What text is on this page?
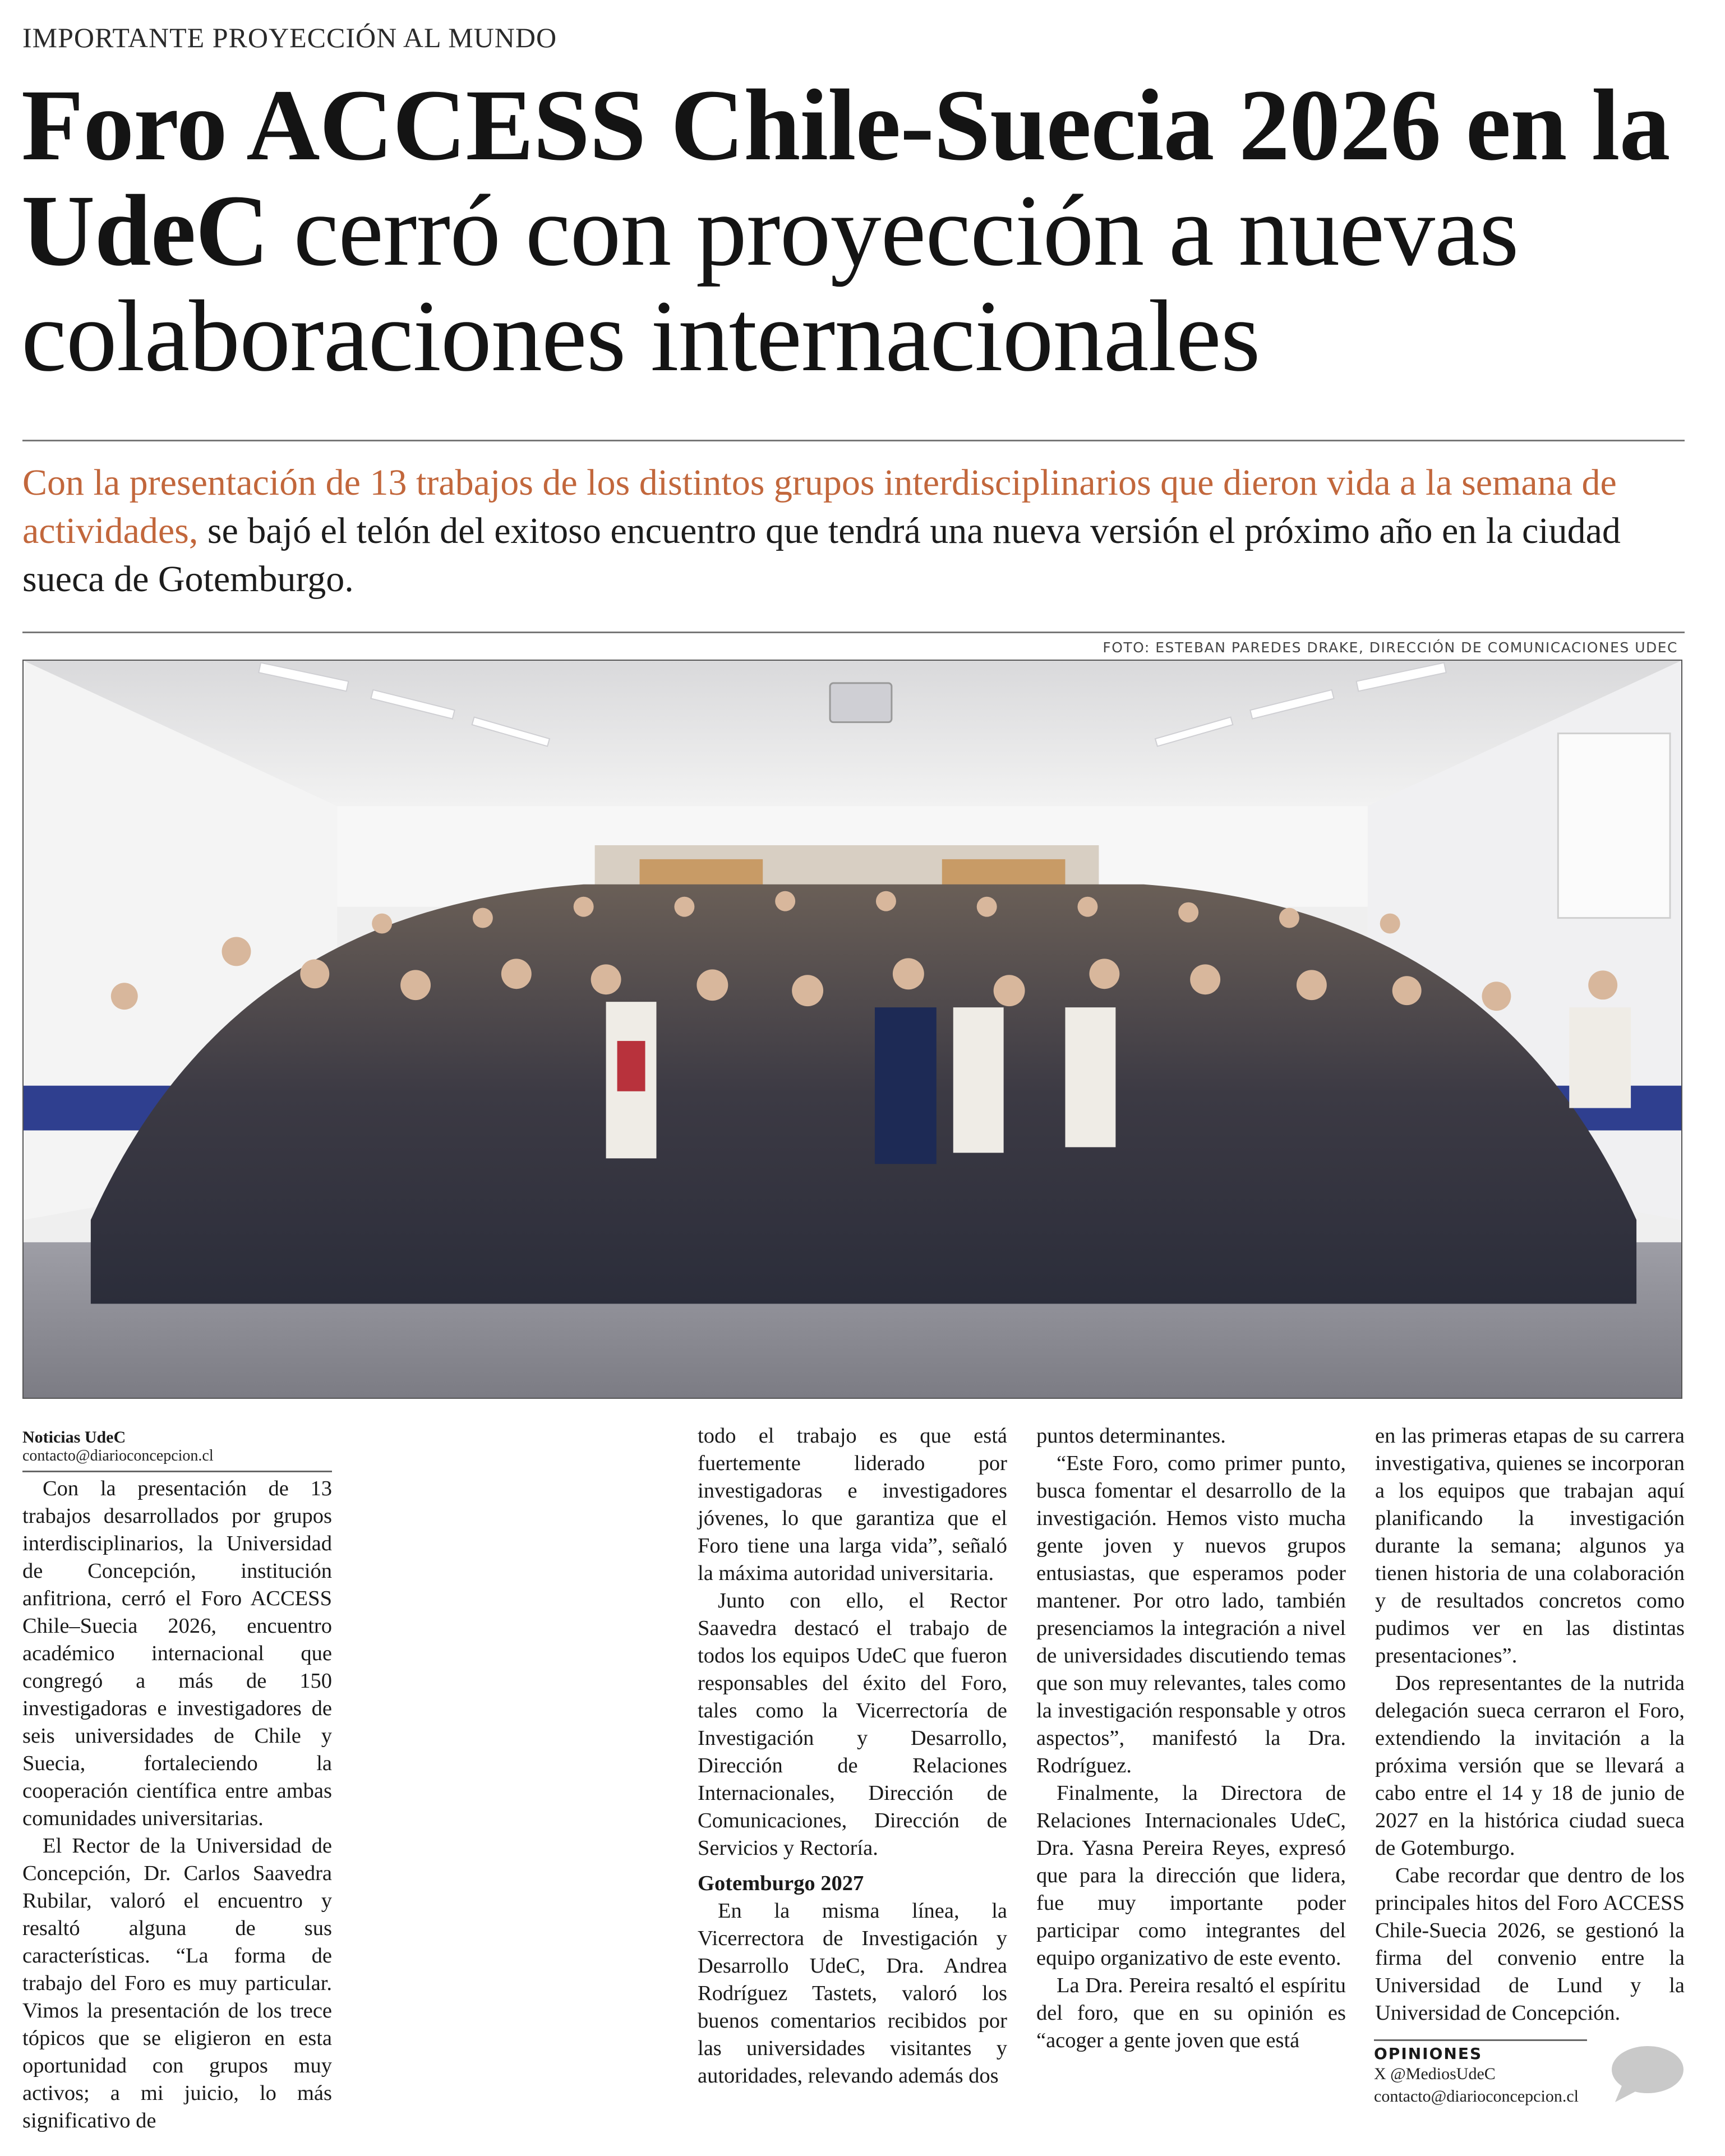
IMPORTANTE PROYECCIÓN AL MUNDO
Foro ACCESS Chile-Suecia 2026 en la UdeC cerró con proyección a nuevas colaboraciones internacionales

Con la presentación de 13 trabajos de los distintos grupos interdisciplinarios que dieron vida a la semana de actividades, se bajó el telón del exitoso encuentro que tendrá una nueva versión el próximo año en la ciudad sueca de Gotemburgo.

FOTO: ESTEBAN PAREDES DRAKE, DIRECCIÓN DE COMUNICACIONES UDEC
Noticias UdeC
contacto@diarioconcepcion.cl

Con la presentación de 13 trabajos desarrollados por grupos interdisciplinarios, la Universidad de Concepción, institución anfitriona, cerró el Foro ACCESS Chile–Suecia 2026, encuentro académico internacional que congregó a más de 150 investigadoras e investigadores de seis universidades de Chile y Suecia, fortaleciendo la cooperación científica entre ambas comunidades universitarias.

El Rector de la Universidad de Concepción, Dr. Carlos Saavedra Rubilar, valoró el encuentro y resaltó alguna de sus características. “La forma de trabajo del Foro es muy particular. Vimos la presentación de los trece tópicos que se eligieron en esta oportunidad con grupos muy activos; a mi juicio, lo más significativo de

todo el trabajo es que está fuertemente liderado por investigadoras e investigadores jóvenes, lo que garantiza que el Foro tiene una larga vida”, señaló la máxima autoridad universitaria.

Junto con ello, el Rector Saavedra destacó el trabajo de todos los equipos UdeC que fueron responsables del éxito del Foro, tales como la Vicerrectoría de Investigación y Desarrollo, Dirección de Relaciones Internacionales, Dirección de Comunicaciones, Dirección de Servicios y Rectoría.

Gotemburgo 2027

En la misma línea, la Vicerrectora de Investigación y Desarrollo UdeC, Dra. Andrea Rodríguez Tastets, valoró los buenos comentarios recibidos por las universidades visitantes y autoridades, relevando además dos

puntos determinantes.

“Este Foro, como primer punto, busca fomentar el desarrollo de la investigación. Hemos visto mucha gente joven y nuevos grupos entusiastas, que esperamos poder mantener. Por otro lado, también presenciamos la integración a nivel de universidades discutiendo temas que son muy relevantes, tales como la investigación responsable y otros aspectos”, manifestó la Dra. Rodríguez.

Finalmente, la Directora de Relaciones Internacionales UdeC, Dra. Yasna Pereira Reyes, expresó que para la dirección que lidera, fue muy importante poder participar como integrantes del equipo organizativo de este evento.

La Dra. Pereira resaltó el espíritu del foro, que en su opinión es “acoger a gente joven que está

en las primeras etapas de su carrera investigativa, quienes se incorporan a los equipos que trabajan aquí planificando la investigación durante la semana; algunos ya tienen historia de una colaboración y de resultados concretos como pudimos ver en las distintas presentaciones”.

Dos representantes de la nutrida delegación sueca cerraron el Foro, extendiendo la invitación a la próxima versión que se llevará a cabo entre el 14 y 18 de junio de 2027 en la histórica ciudad sueca de Gotemburgo.

Cabe recordar que dentro de los principales hitos del Foro ACCESS Chile-Suecia 2026, se gestionó la firma del convenio entre la Universidad de Lund y la Universidad de Concepción.

OPINIONES
X @MediosUdeC
contacto@diarioconcepcion.cl
